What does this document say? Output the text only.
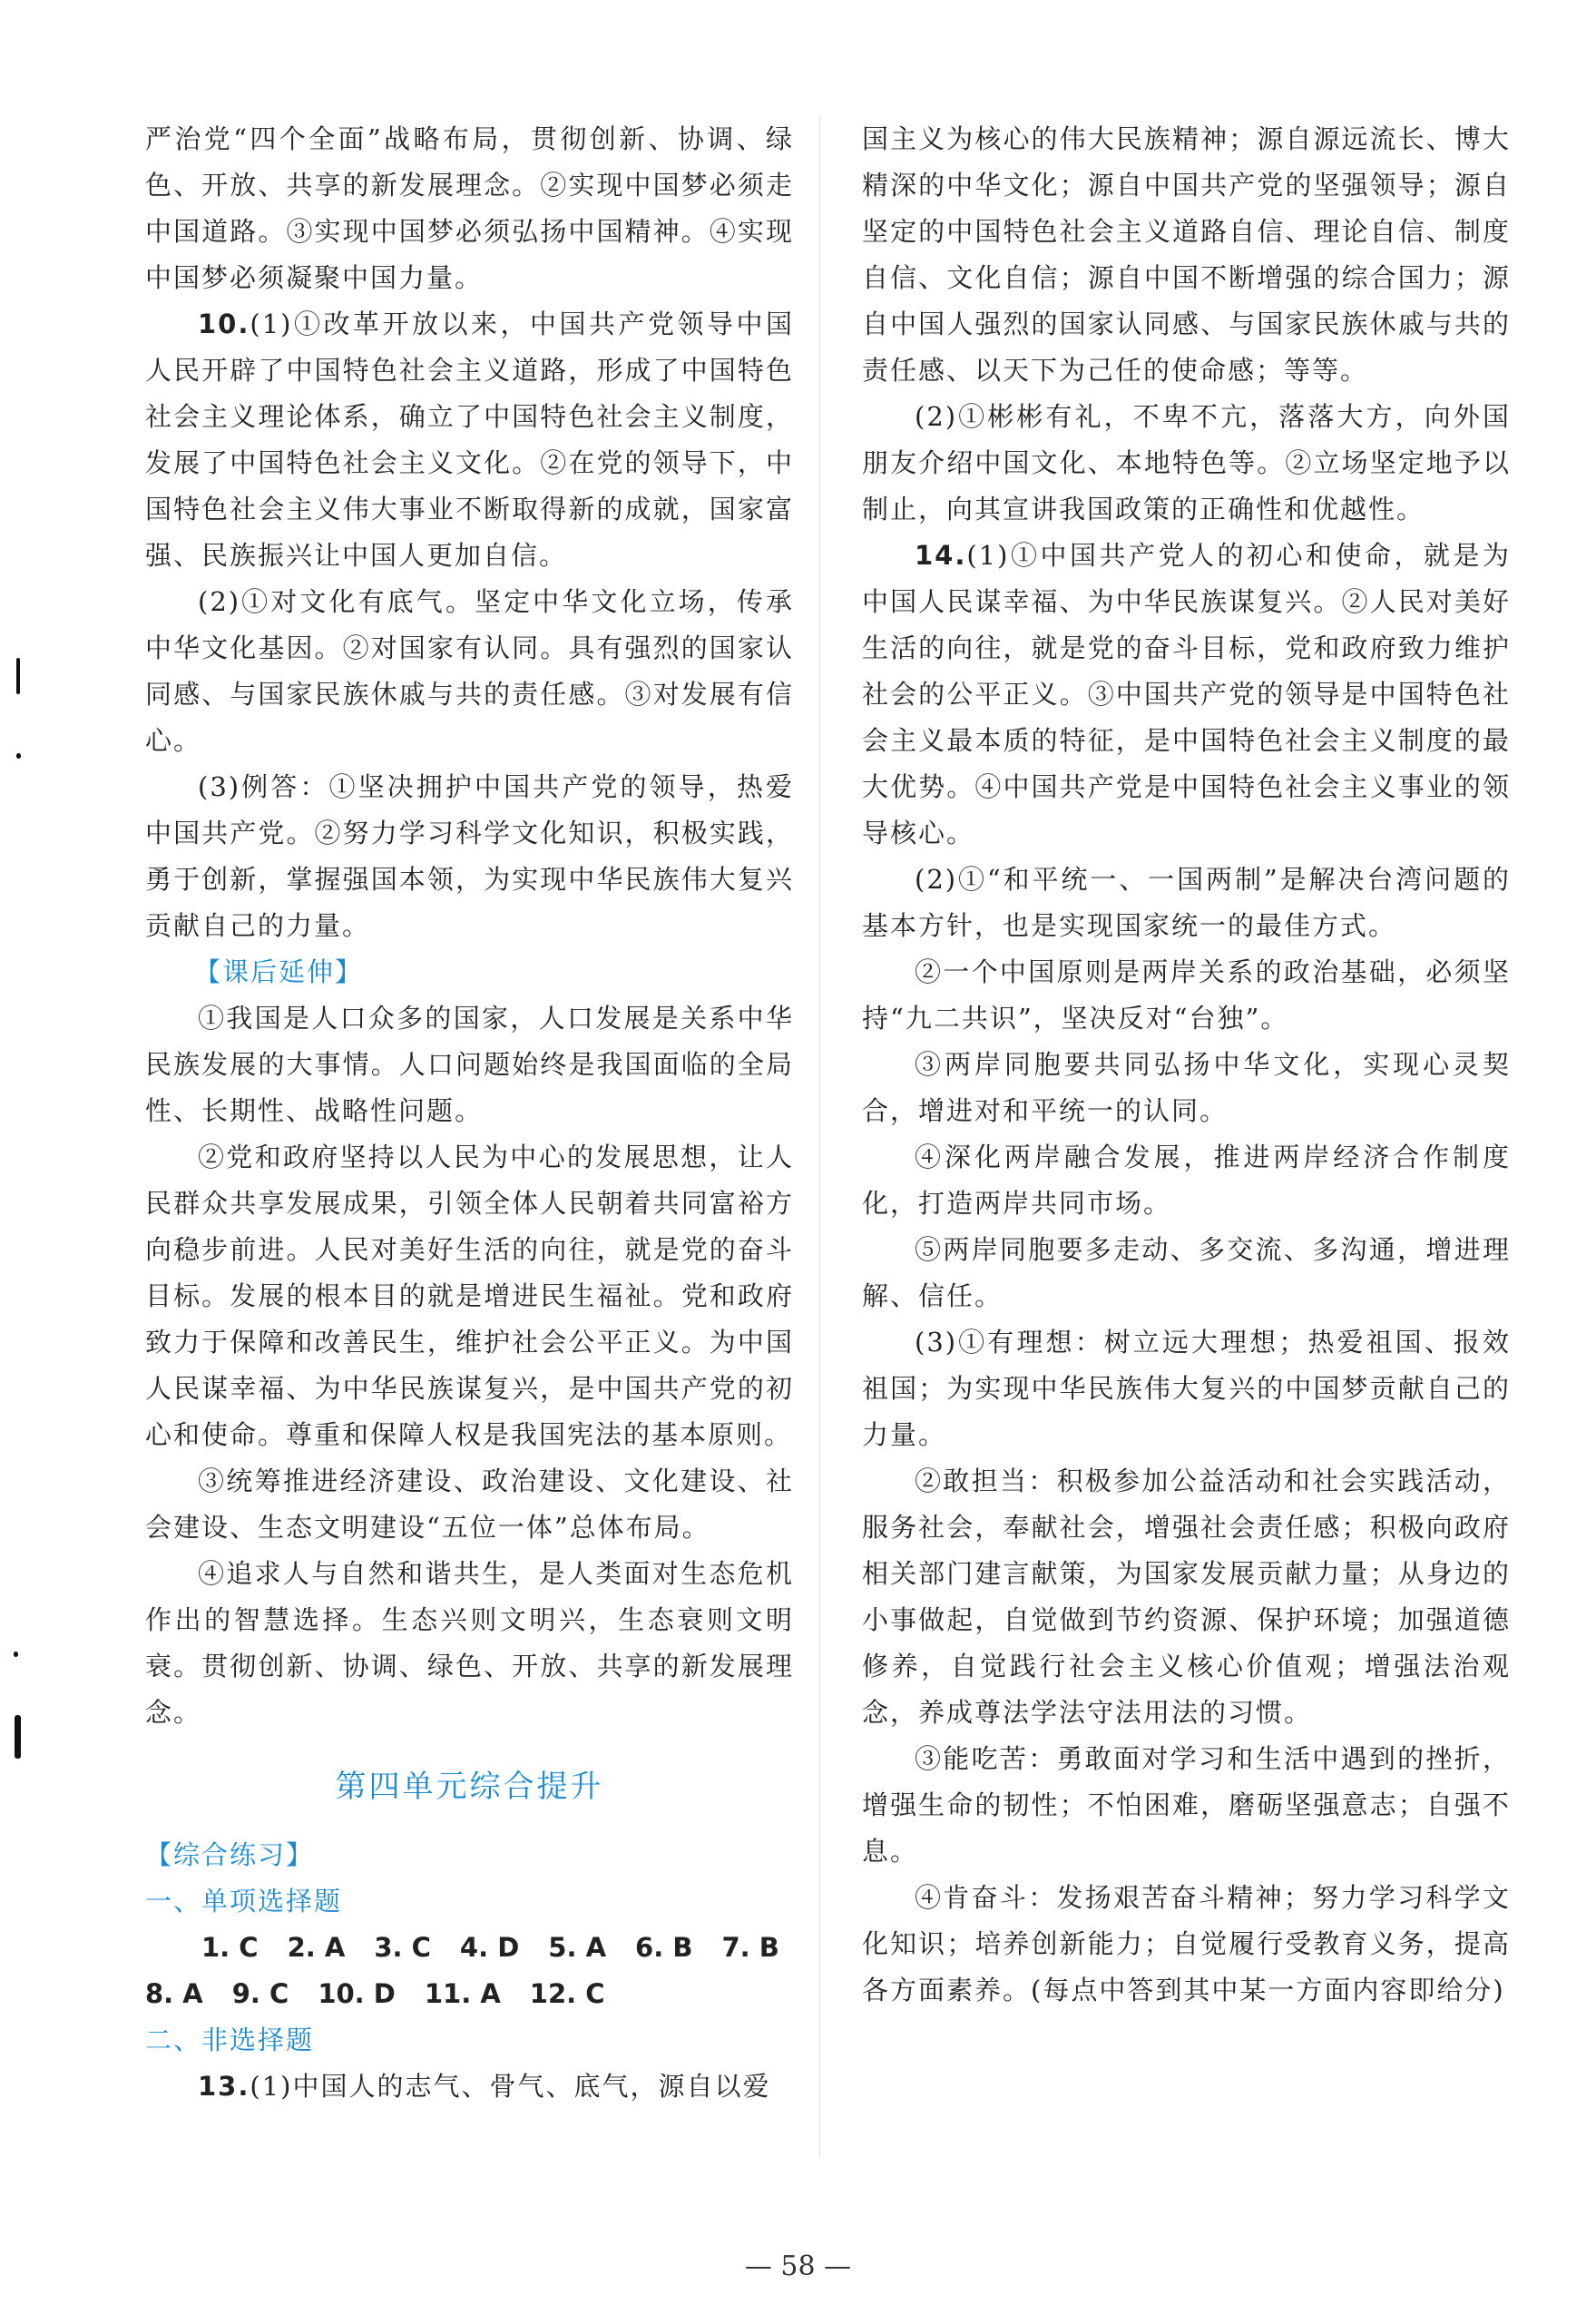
严治党“四个全面”战略布局，贯彻创新、协调、绿色、开放、共享的新发展理念。②实现中国梦必须走中国道路。③实现中国梦必须弘扬中国精神。④实现中国梦必须凝聚中国力量。

10.(1)①改革开放以来，中国共产党领导中国人民开辟了中国特色社会主义道路，形成了中国特色社会主义理论体系，确立了中国特色社会主义制度，发展了中国特色社会主义文化。②在党的领导下，中国特色社会主义伟大事业不断取得新的成就，国家富强、民族振兴让中国人更加自信。

(2)①对文化有底气。坚定中华文化立场，传承中华文化基因。②对国家有认同。具有强烈的国家认同感、与国家民族休戚与共的责任感。③对发展有信心。

(3)例答：①坚决拥护中国共产党的领导，热爱中国共产党。②努力学习科学文化知识，积极实践，勇于创新，掌握强国本领，为实现中华民族伟大复兴贡献自己的力量。

【课后延伸】

①我国是人口众多的国家，人口发展是关系中华民族发展的大事情。人口问题始终是我国面临的全局性、长期性、战略性问题。

②党和政府坚持以人民为中心的发展思想，让人民群众共享发展成果，引领全体人民朝着共同富裕方向稳步前进。人民对美好生活的向往，就是党的奋斗目标。发展的根本目的就是增进民生福祉。党和政府致力于保障和改善民生，维护社会公平正义。为中国人民谋幸福、为中华民族谋复兴，是中国共产党的初心和使命。尊重和保障人权是我国宪法的基本原则。

③统筹推进经济建设、政治建设、文化建设、社会建设、生态文明建设“五位一体”总体布局。

④追求人与自然和谐共生，是人类面对生态危机作出的智慧选择。生态兴则文明兴，生态衰则文明衰。贯彻创新、协调、绿色、开放、共享的新发展理念。

第四单元综合提升
【综合练习】
一、单项选择题
1. C 2. A 3. C 4. D 5. A 6. B 7. B
8. A 9. C 10. D 11. A 12. C
二、非选择题

13.(1)中国人的志气、骨气、底气，源自以爱

国主义为核心的伟大民族精神；源自源远流长、博大精深的中华文化；源自中国共产党的坚强领导；源自坚定的中国特色社会主义道路自信、理论自信、制度自信、文化自信；源自中国不断增强的综合国力；源自中国人强烈的国家认同感、与国家民族休戚与共的责任感、以天下为己任的使命感；等等。

(2)①彬彬有礼，不卑不亢，落落大方，向外国朋友介绍中国文化、本地特色等。②立场坚定地予以制止，向其宣讲我国政策的正确性和优越性。

14.(1)①中国共产党人的初心和使命，就是为中国人民谋幸福、为中华民族谋复兴。②人民对美好生活的向往，就是党的奋斗目标，党和政府致力维护社会的公平正义。③中国共产党的领导是中国特色社会主义最本质的特征，是中国特色社会主义制度的最大优势。④中国共产党是中国特色社会主义事业的领导核心。

(2)①“和平统一、一国两制”是解决台湾问题的基本方针，也是实现国家统一的最佳方式。

②一个中国原则是两岸关系的政治基础，必须坚持“九二共识”，坚决反对“台独”。

③两岸同胞要共同弘扬中华文化，实现心灵契合，增进对和平统一的认同。

④深化两岸融合发展，推进两岸经济合作制度化，打造两岸共同市场。

⑤两岸同胞要多走动、多交流、多沟通，增进理解、信任。

(3)①有理想：树立远大理想；热爱祖国、报效祖国；为实现中华民族伟大复兴的中国梦贡献自己的力量。

②敢担当：积极参加公益活动和社会实践活动，服务社会，奉献社会，增强社会责任感；积极向政府相关部门建言献策，为国家发展贡献力量；从身边的小事做起，自觉做到节约资源、保护环境；加强道德修养，自觉践行社会主义核心价值观；增强法治观念，养成尊法学法守法用法的习惯。

③能吃苦：勇敢面对学习和生活中遇到的挫折，增强生命的韧性；不怕困难，磨砺坚强意志；自强不息。

④肯奋斗：发扬艰苦奋斗精神；努力学习科学文化知识；培养创新能力；自觉履行受教育义务，提高各方面素养。(每点中答到其中某一方面内容即给分)

— 58 —
